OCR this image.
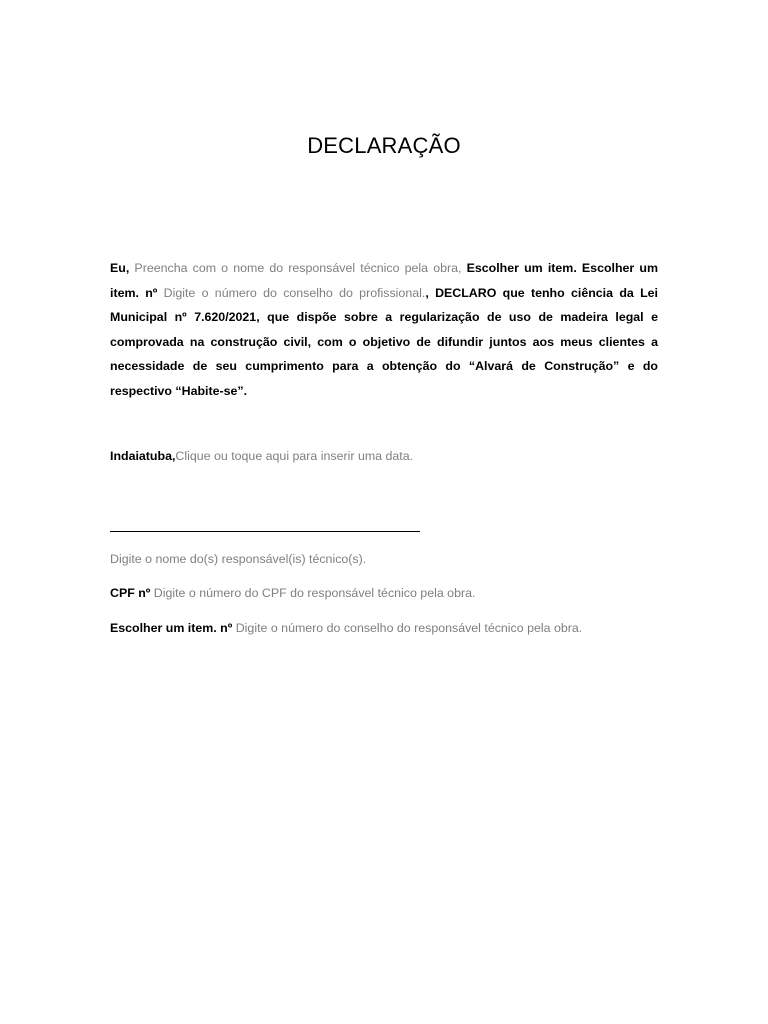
DECLARAÇÃO

Eu, Preencha com o nome do responsável técnico pela obra, Escolher um item. Escolher um item. nº Digite o número do conselho do profissional., DECLARO que tenho ciência da Lei Municipal nº 7.620/2021, que dispõe sobre a regularização de uso de madeira legal e comprovada na construção civil, com o objetivo de difundir juntos aos meus clientes a necessidade de seu cumprimento para a obtenção do “Alvará de Construção” e do respectivo “Habite-se”.

Indaiatuba,Clique ou toque aqui para inserir uma data.
Digite o nome do(s) responsável(is) técnico(s).
CPF nº Digite o número do CPF do responsável técnico pela obra.
Escolher um item. nº Digite o número do conselho do responsável técnico pela obra.
